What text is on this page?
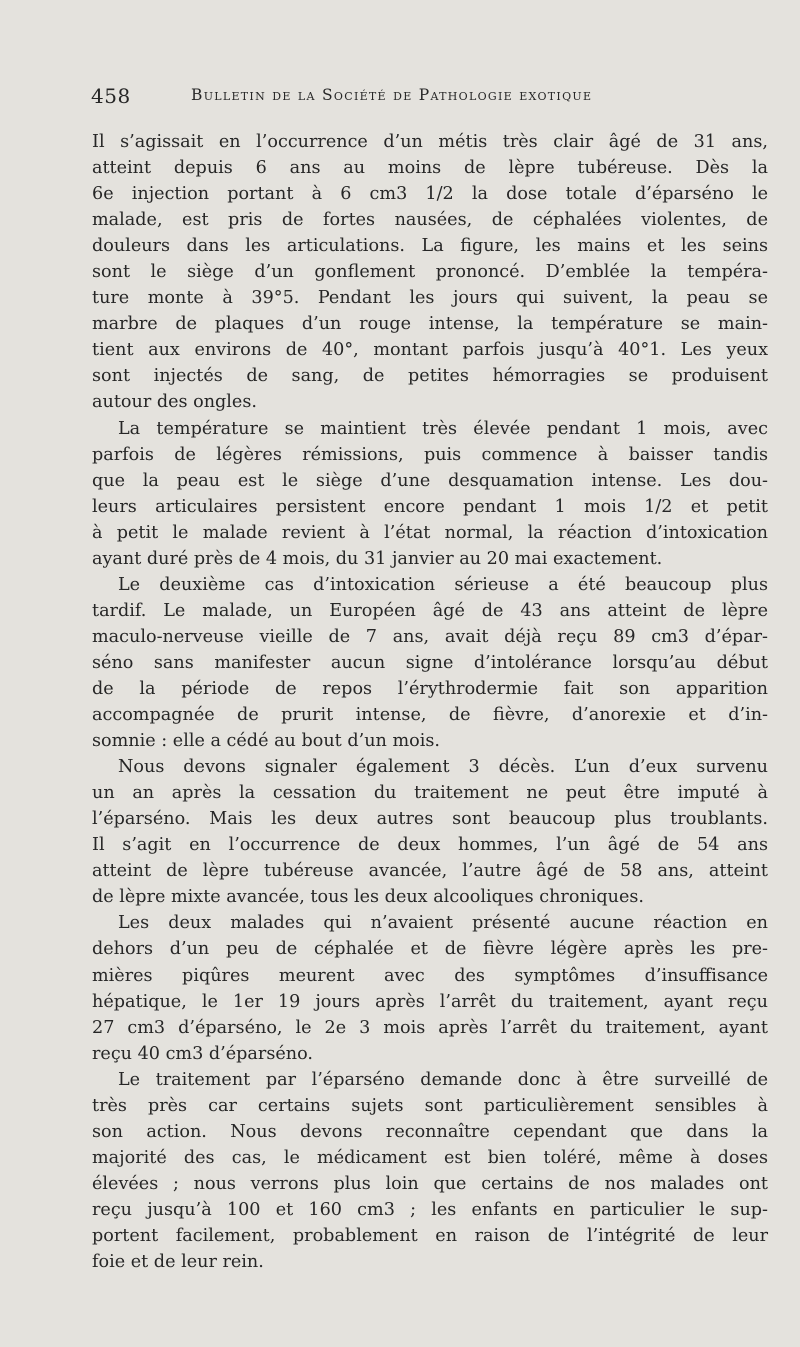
458	Bulletin de la Société de Pathologie exotique
Il s’agissait en l’occurrence d’un métis très clair âgé de 31 ans,
atteint depuis 6 ans au moins de lèpre tubéreuse. Dès la
6e injection portant à 6 cm3 1/2 la dose totale d’éparséno le
malade, est pris de fortes nausées, de céphalées violentes, de
douleurs dans les articulations. La figure, les mains et les seins
sont le siège d’un gonflement prononcé. D’emblée la tempéra-
ture monte à 39°5. Pendant les jours qui suivent, la peau se
marbre de plaques d’un rouge intense, la température se main-
tient aux environs de 40°, montant parfois jusqu’à 40°1. Les yeux
sont injectés de sang, de petites hémorragies se produisent
autour des ongles.
La température se maintient très élevée pendant 1 mois, avec
parfois de légères rémissions, puis commence à baisser tandis
que la peau est le siège d’une desquamation intense. Les dou-
leurs articulaires persistent encore pendant 1 mois 1/2 et petit
à petit le malade revient à l’état normal, la réaction d’intoxication
ayant duré près de 4 mois, du 31 janvier au 20 mai exactement.
Le deuxième cas d’intoxication sérieuse a été beaucoup plus
tardif. Le malade, un Européen âgé de 43 ans atteint de lèpre
maculo-nerveuse vieille de 7 ans, avait déjà reçu 89 cm3 d’épar-
séno sans manifester aucun signe d’intolérance lorsqu’au début
de la période de repos l’érythrodermie fait son apparition
accompagnée de prurit intense, de fièvre, d’anorexie et d’in-
somnie : elle a cédé au bout d’un mois.
Nous devons signaler également 3 décès. L’un d’eux survenu
un an après la cessation du traitement ne peut être imputé à
l’éparséno. Mais les deux autres sont beaucoup plus troublants.
Il s’agit en l’occurrence de deux hommes, l’un âgé de 54 ans
atteint de lèpre tubéreuse avancée, l’autre âgé de 58 ans, atteint
de lèpre mixte avancée, tous les deux alcooliques chroniques.
Les deux malades qui n’avaient présenté aucune réaction en
dehors d’un peu de céphalée et de fièvre légère après les pre-
mières piqûres meurent avec des symptômes d’insuffisance
hépatique, le 1er 19 jours après l’arrêt du traitement, ayant reçu
27 cm3 d’éparséno, le 2e 3 mois après l’arrêt du traitement, ayant
reçu 40 cm3 d’éparséno.
Le traitement par l’éparséno demande donc à être surveillé de
très près car certains sujets sont particulièrement sensibles à
son action. Nous devons reconnaître cependant que dans la
majorité des cas, le médicament est bien toléré, même à doses
élevées ; nous verrons plus loin que certains de nos malades ont
reçu jusqu’à 100 et 160 cm3 ; les enfants en particulier le sup-
portent facilement, probablement en raison de l’intégrité de leur
foie et de leur rein.
